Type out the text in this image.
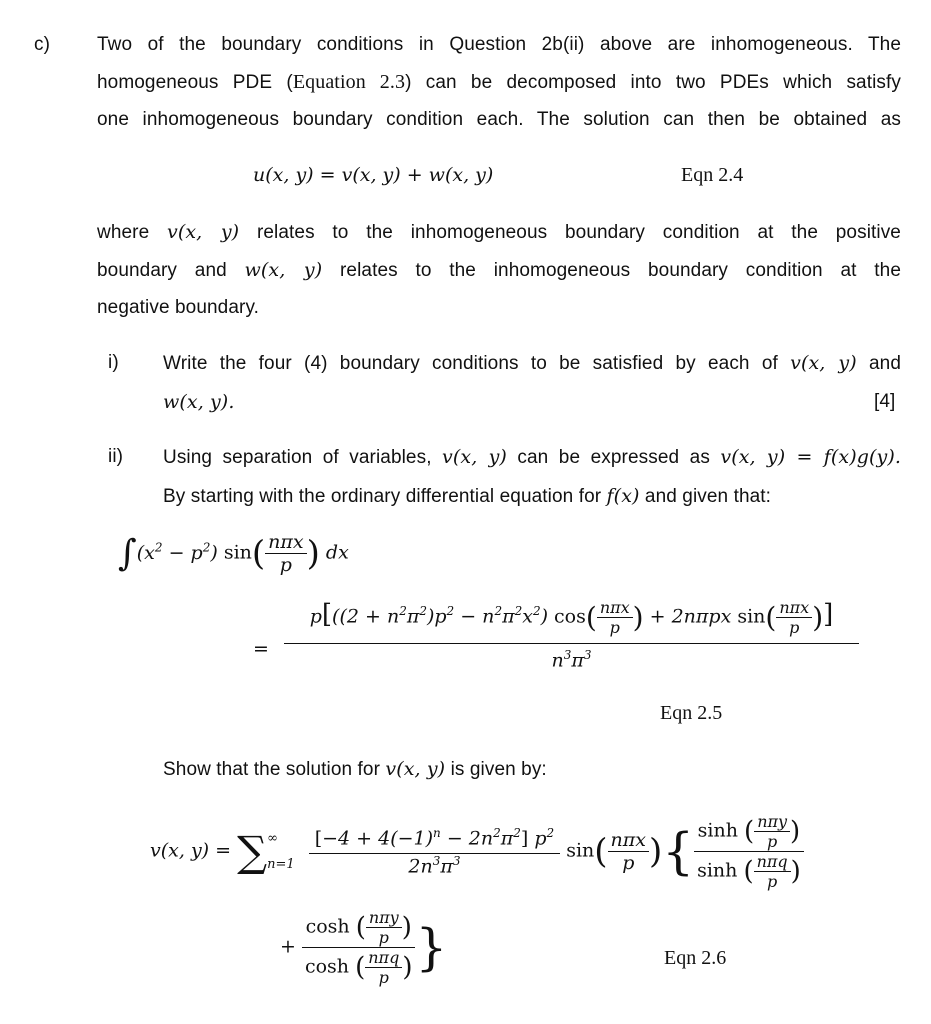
c) Two of the boundary conditions in Question 2b(ii) above are inhomogeneous. The
homogeneous PDE (Equation 2.3) can be decomposed into two PDEs which satisfy
one inhomogeneous boundary condition each. The solution can then be obtained as
u(x, y) = v(x, y) + w(x, y)	Eqn 2.4
where v(x, y) relates to the inhomogeneous boundary condition at the positive
boundary and w(x, y) relates to the inhomogeneous boundary condition at the
negative boundary.
i) Write the four (4) boundary conditions to be satisfied by each of v(x, y) and
w(x, y).	[4]
ii) Using separation of variables, v(x, y) can be expressed as v(x, y) = f(x)g(y).
By starting with the ordinary differential equation for f(x) and given that:
$\int(x^2 - p^2)$ $\sin( \frac{\text{nπx}}{p}$ ) dx
= $\frac{p[((2 + n^2\pi^2)p^2 - n^2\pi^2x^2) \cos( \frac{\text{nπx}}{p} ) + 2n\pi px \sin( \frac{\text{nπx}}{p} )]}{n^3\pi^3}$
Eqn 2.5
Show that the solution for v(x, y) is given by:
v(x, y) = ∑ ∞
n=1
$\frac{[-4 + 4(-1)^n - 2n^2\pi^2] p^2}{2n^3\pi^3} \sin( \frac{\text{nπx}}{p}$ ){ $\frac{\sinh ( \frac{\text{nπy}}{p} )}{\sinh ( \frac{\text{nπq}}{p} )}$
+ $\frac{\cosh ( \frac{\text{nπy}}{p} )}{\cosh ( \frac{\text{nπq}}{p} )}$ }	Eqn 2.6
